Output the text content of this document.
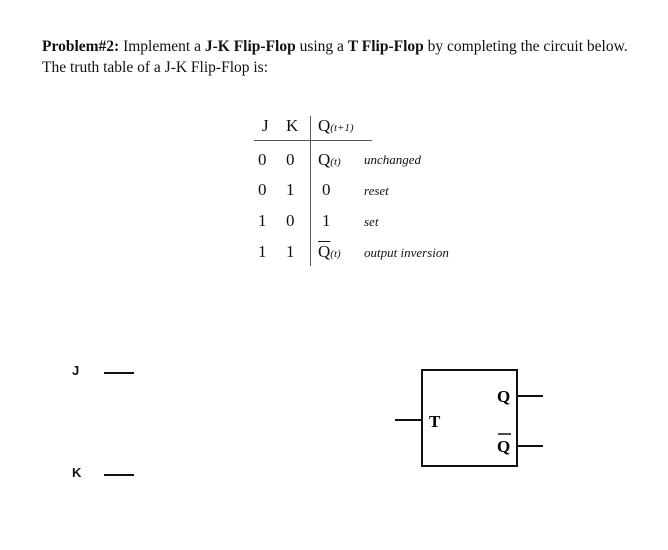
Problem#2: Implement a J-K Flip-Flop using a T Flip-Flop by completing the circuit below.
The truth table of a J-K Flip-Flop is:

J K Q(t+1)
0 0 Q(t) unchanged
0 1 0	reset
1 0 1	set
1 1 $\overline{Q}(t)$ output inversion
J
K
T
Q
Q
